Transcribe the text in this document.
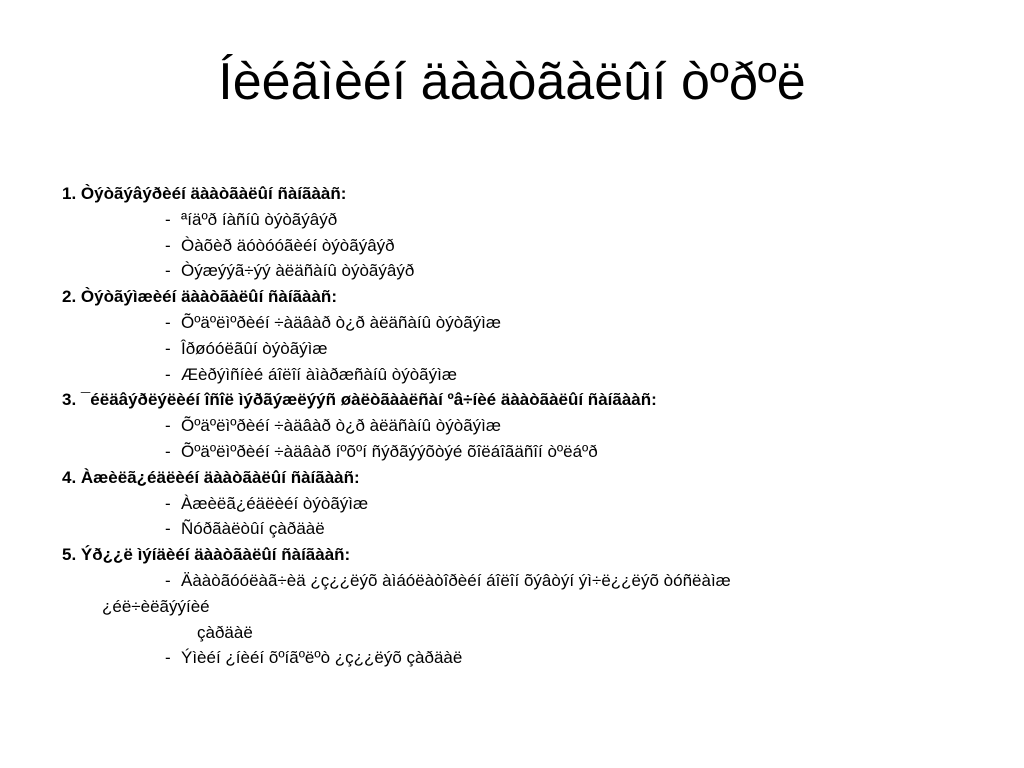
Íèéãìèéí äààòãàëûí òºðºë
1. Òýòãýâýðèéí äààòãàëûí ñàíãààñ:
- ªíäºð íàñíû òýòãýâýð
- Òàõèð äóòóóãèéí òýòãýâýð
- Òýæýýã÷ýý àëäñàíû òýòãýâýð
2. Òýòãýìæèéí äààòãàëûí ñàíãààñ:
- Õºäºëìºðèéí ÷àäâàð ò¿ð àëäñàíû òýòãýìæ
- Îðøóóëãûí òýòãýìæ
- Æèðýìñíèé áîëîí àìàðæñàíû òýòãýìæ
3. ¯éëäâýðëýëèéí îñîë ìýðãýæëýýñ øàëòãààëñàí ºâ÷íèé äààòãàëûí ñàíãààñ:
- Õºäºëìºðèéí ÷àäâàð ò¿ð àëäñàíû òýòãýìæ
- Õºäºëìºðèéí ÷àäâàð íºõºí ñýðãýýõòýé õîëáîãäñîí òºëáºð
4. Àæèëã¿éäëèéí äààòãàëûí ñàíãààñ:
- Àæèëã¿éäëèéí òýòãýìæ
- Ñóðãàëòûí çàðäàë
5. Ýð¿¿ë ìýíäèéí äààòãàëûí ñàíãààñ:
- Äààòãóóëàã÷èä ¿ç¿¿ëýõ àìáóëàòîðèéí áîëîí õýâòýí ýì÷ë¿¿ëýõ òóñëàìæ
¿éë÷èëãýýíèé
çàðäàë
- Ýìèéí ¿íèéí õºíãºëºò ¿ç¿¿ëýõ çàðäàë
